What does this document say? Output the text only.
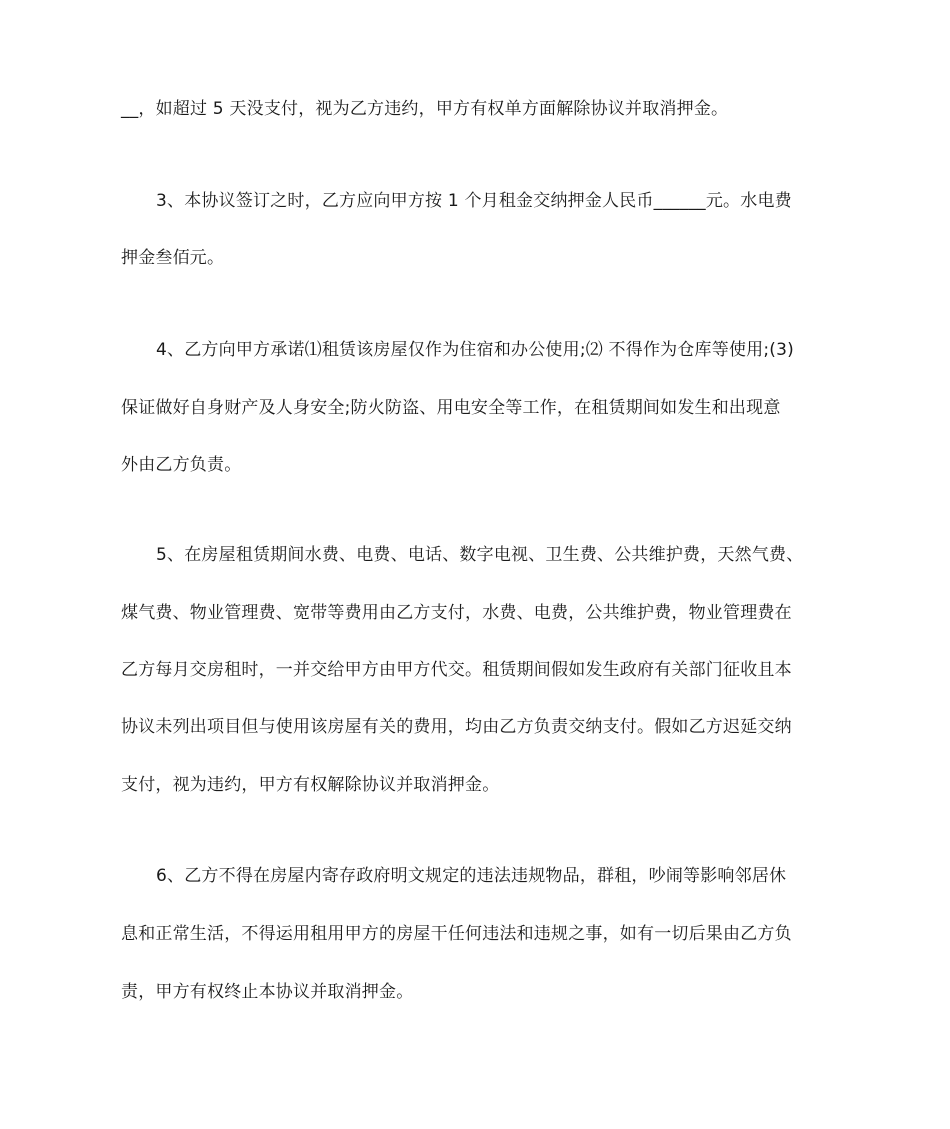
__，如超过 5 天没支付，视为乙方违约，甲方有权单方面解除协议并取消押金。
3、本协议签订之时，乙方应向甲方按 1 个月租金交纳押金人民币______元。水电费
押金叁佰元。
4、乙方向甲方承诺⑴租赁该房屋仅作为住宿和办公使用;⑵ 不得作为仓库等使用;(3)
保证做好自身财产及人身安全;防火防盗、用电安全等工作，在租赁期间如发生和出现意
外由乙方负责。
5、在房屋租赁期间水费、电费、电话、数字电视、卫生费、公共维护费，天然气费、
煤气费、物业管理费、宽带等费用由乙方支付，水费、电费，公共维护费，物业管理费在
乙方每月交房租时，一并交给甲方由甲方代交。租赁期间假如发生政府有关部门征收且本
协议未列出项目但与使用该房屋有关的费用，均由乙方负责交纳支付。假如乙方迟延交纳
支付，视为违约，甲方有权解除协议并取消押金。
6、乙方不得在房屋内寄存政府明文规定的违法违规物品，群租，吵闹等影响邻居休
息和正常生活，不得运用租用甲方的房屋干任何违法和违规之事，如有一切后果由乙方负
责，甲方有权终止本协议并取消押金。
